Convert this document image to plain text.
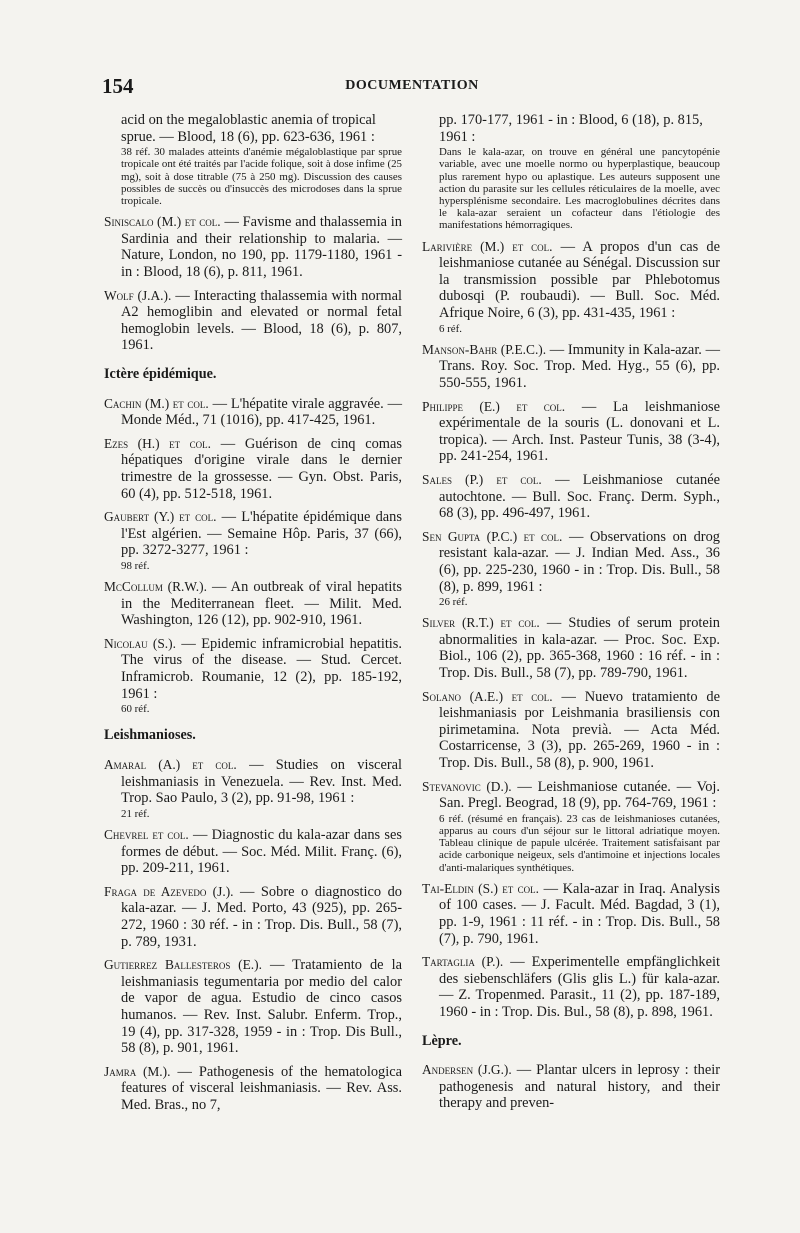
154	DOCUMENTATION
acid on the megaloblastic anemia of tropical sprue. — Blood, 18 (6), pp. 623-636, 1961 :
38 réf. 30 malades atteints d'anémie mégaloblastique par sprue tropicale ont été traités par l'acide folique, soit à dose infime (25 mg), soit à dose titrable (75 à 250 mg). Discussion des causes possibles de succès ou d'insuccès des microdoses dans la sprue tropicale.
Siniscalo (M.) et col. — Favisme and thalassemia in Sardinia and their relationship to malaria. — Nature, London, no 190, pp. 1179-1180, 1961 - in : Blood, 18 (6), p. 811, 1961.
Wolf (J.A.). — Interacting thalassemia with normal A2 hemoglibin and elevated or normal fetal hemoglobin levels. — Blood, 18 (6), p. 807, 1961.
Ictère épidémique.
Cachin (M.) et col. — L'hépatite virale aggravée. — Monde Méd., 71 (1016), pp. 417-425, 1961.
Ezes (H.) et col. — Guérison de cinq comas hépatiques d'origine virale dans le dernier trimestre de la grossesse. — Gyn. Obst. Paris, 60 (4), pp. 512-518, 1961.
Gaubert (Y.) et col. — L'hépatite épidémique dans l'Est algérien. — Semaine Hôp. Paris, 37 (66), pp. 3272-3277, 1961 :
98 réf.
McCollum (R.W.). — An outbreak of viral hepatits in the Mediterranean fleet. — Milit. Med. Washington, 126 (12), pp. 902-910, 1961.
Nicolau (S.). — Epidemic inframicrobial hepatitis. The virus of the disease. — Stud. Cercet. Inframicrob. Roumanie, 12 (2), pp. 185-192, 1961 :
60 réf.
Leishmanioses.
Amaral (A.) et col. — Studies on visceral leishmaniasis in Venezuela. — Rev. Inst. Med. Trop. Sao Paulo, 3 (2), pp. 91-98, 1961 :
21 réf.
Chevrel et col. — Diagnostic du kala-azar dans ses formes de début. — Soc. Méd. Milit. Franç. (6), pp. 209-211, 1961.
Fraga de Azevedo (J.). — Sobre o diagnostico do kala-azar. — J. Med. Porto, 43 (925), pp. 265-272, 1960 : 30 réf. - in : Trop. Dis. Bull., 58 (7), p. 789, 1931.
Gutierrez Ballesteros (E.). — Tratamiento de la leishmaniasis tegumentaria por medio del calor de vapor de agua. Estudio de cinco casos humanos. — Rev. Inst. Salubr. Enferm. Trop., 19 (4), pp. 317-328, 1959 - in : Trop. Dis Bull., 58 (8), p. 901, 1961.
Jamra (M.). — Pathogenesis of the hematologica features of visceral leishmaniasis. — Rev. Ass. Med. Bras., no 7,
pp. 170-177, 1961 - in : Blood, 6 (18), p. 815, 1961 :
Dans le kala-azar, on trouve en général une pancytopénie variable, avec une moelle normo ou hyperplastique, beaucoup plus rarement hypo ou aplastique. Les auteurs supposent une action du parasite sur les cellules réticulaires de la moelle, avec hypersplénisme secondaire. Les macroglobulines décrites dans le kala-azar seraient un cofacteur dans l'étiologie des manifestations hémorragiques.
Larivière (M.) et col. — A propos d'un cas de leishmaniose cutanée au Sénégal. Discussion sur la transmission possible par Phlebotomus dubosqi (P. roubaudi). — Bull. Soc. Méd. Afrique Noire, 6 (3), pp. 431-435, 1961 :
6 réf.
Manson-Bahr (P.E.C.). — Immunity in Kala-azar. — Trans. Roy. Soc. Trop. Med. Hyg., 55 (6), pp. 550-555, 1961.
Philippe (E.) et col. — La leishmaniose expérimentale de la souris (L. donovani et L. tropica). — Arch. Inst. Pasteur Tunis, 38 (3-4), pp. 241-254, 1961.
Sales (P.) et col. — Leishmaniose cutanée autochtone. — Bull. Soc. Franç. Derm. Syph., 68 (3), pp. 496-497, 1961.
Sen Gupta (P.C.) et col. — Observations on drog resistant kala-azar. — J. Indian Med. Ass., 36 (6), pp. 225-230, 1960 - in : Trop. Dis. Bull., 58 (8), p. 899, 1961 :
26 réf.
Silver (R.T.) et col. — Studies of serum protein abnormalities in kala-azar. — Proc. Soc. Exp. Biol., 106 (2), pp. 365-368, 1960 : 16 réf. - in : Trop. Dis. Bull., 58 (7), pp. 789-790, 1961.
Solano (A.E.) et col. — Nuevo tratamiento de leishmaniasis por Leishmania brasiliensis con pirimetamina. Nota previà. — Acta Méd. Costarricense, 3 (3), pp. 265-269, 1960 - in : Trop. Dis. Bull., 58 (8), p. 900, 1961.
Stevanovic (D.). — Leishmaniose cutanée. — Voj. San. Pregl. Beograd, 18 (9), pp. 764-769, 1961 :
6 réf. (résumé en français). 23 cas de leishmanioses cutanées, apparus au cours d'un séjour sur le littoral adriatique moyen. Tableau clinique de papule ulcérée. Traitement satisfaisant par acide carbonique neigeux, sels d'antimoine et injections locales d'anti-malariques synthétiques.
Tai-Eldin (S.) et col. — Kala-azar in Iraq. Analysis of 100 cases. — J. Facult. Méd. Bagdad, 3 (1), pp. 1-9, 1961 : 11 réf. - in : Trop. Dis. Bull., 58 (7), p. 790, 1961.
Tartaglia (P.). — Experimentelle empfänglichkeit des siebenschläfers (Glis glis L.) für kala-azar. — Z. Tropenmed. Parasit., 11 (2), pp. 187-189, 1960 - in : Trop. Dis. Bul., 58 (8), p. 898, 1961.
Lèpre.
Andersen (J.G.). — Plantar ulcers in leprosy : their pathogenesis and natural history, and their therapy and preven-
